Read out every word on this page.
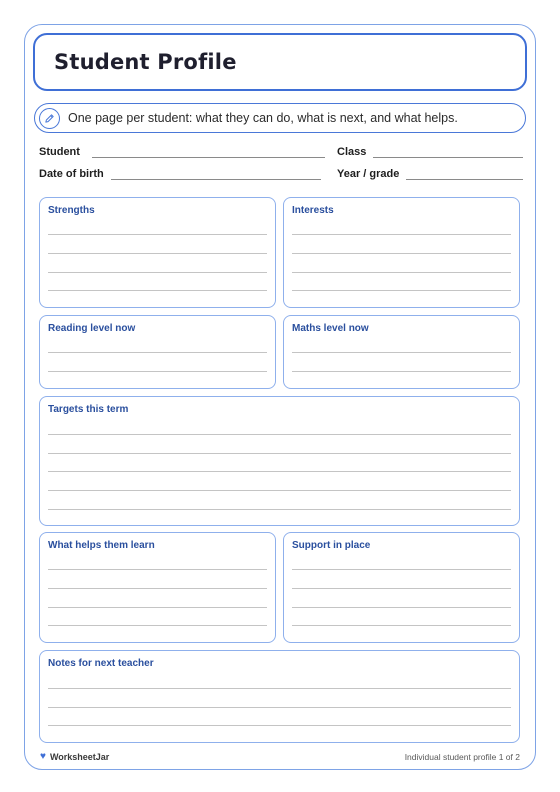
Student Profile
One page per student: what they can do, what is next, and what helps.
Student	Class
Date of birth	Year / grade
Strengths	Interests
Reading level now	Maths level now
Targets this term
What helps them learn	Support in place
Notes for next teacher
♥ WorksheetJar	Individual student profile 1 of 2
